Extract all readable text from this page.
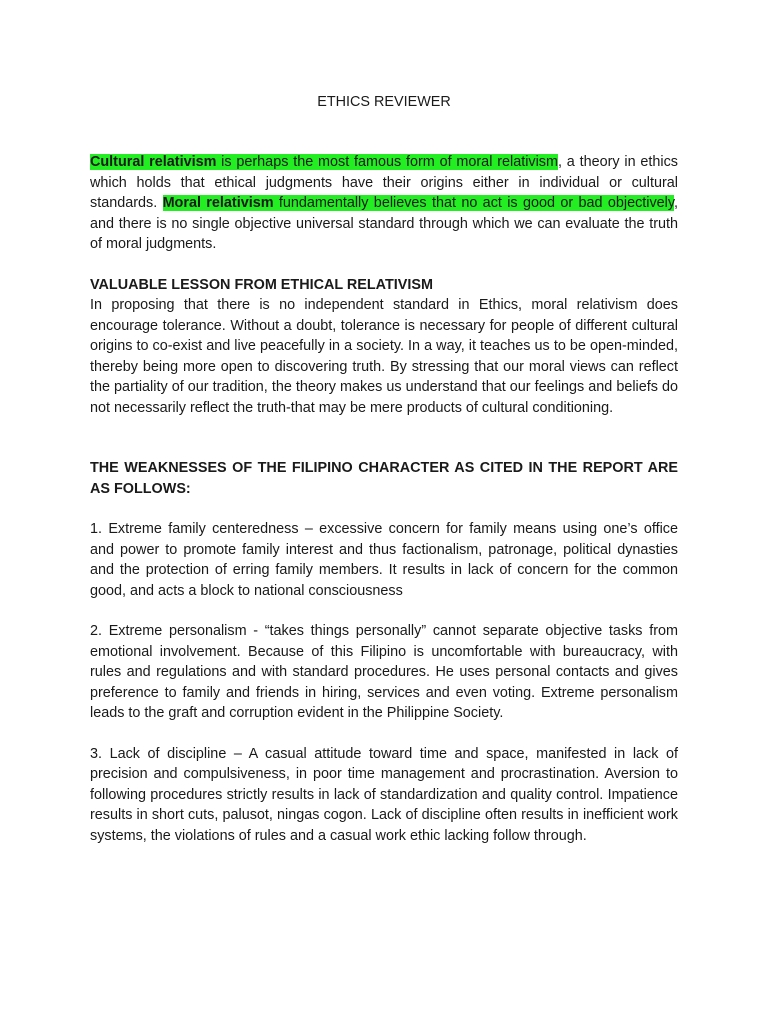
ETHICS REVIEWER

Cultural relativism is perhaps the most famous form of moral relativism, a theory in ethics which holds that ethical judgments have their origins either in individual or cultural standards. Moral relativism fundamentally believes that no act is good or bad objectively, and there is no single objective universal standard through which we can evaluate the truth of moral judgments.

VALUABLE LESSON FROM ETHICAL RELATIVISM

In proposing that there is no independent standard in Ethics, moral relativism does encourage tolerance. Without a doubt, tolerance is necessary for people of different cultural origins to co-exist and live peacefully in a society. In a way, it teaches us to be open-minded, thereby being more open to discovering truth. By stressing that our moral views can reflect the partiality of our tradition, the theory makes us understand that our feelings and beliefs do not necessarily reflect the truth-that may be mere products of cultural conditioning.

THE WEAKNESSES OF THE FILIPINO CHARACTER AS CITED IN THE REPORT ARE AS FOLLOWS:

1. Extreme family centeredness – excessive concern for family means using one’s office and power to promote family interest and thus factionalism, patronage, political dynasties and the protection of erring family members. It results in lack of concern for the common good, and acts a block to national consciousness

2. Extreme personalism - “takes things personally” cannot separate objective tasks from emotional involvement. Because of this Filipino is uncomfortable with bureaucracy, with rules and regulations and with standard procedures. He uses personal contacts and gives preference to family and friends in hiring, services and even voting. Extreme personalism leads to the graft and corruption evident in the Philippine Society.

3. Lack of discipline – A casual attitude toward time and space, manifested in lack of precision and compulsiveness, in poor time management and procrastination. Aversion to following procedures strictly results in lack of standardization and quality control. Impatience results in short cuts, palusot, ningas cogon. Lack of discipline often results in inefficient work systems, the violations of rules and a casual work ethic lacking follow through.
